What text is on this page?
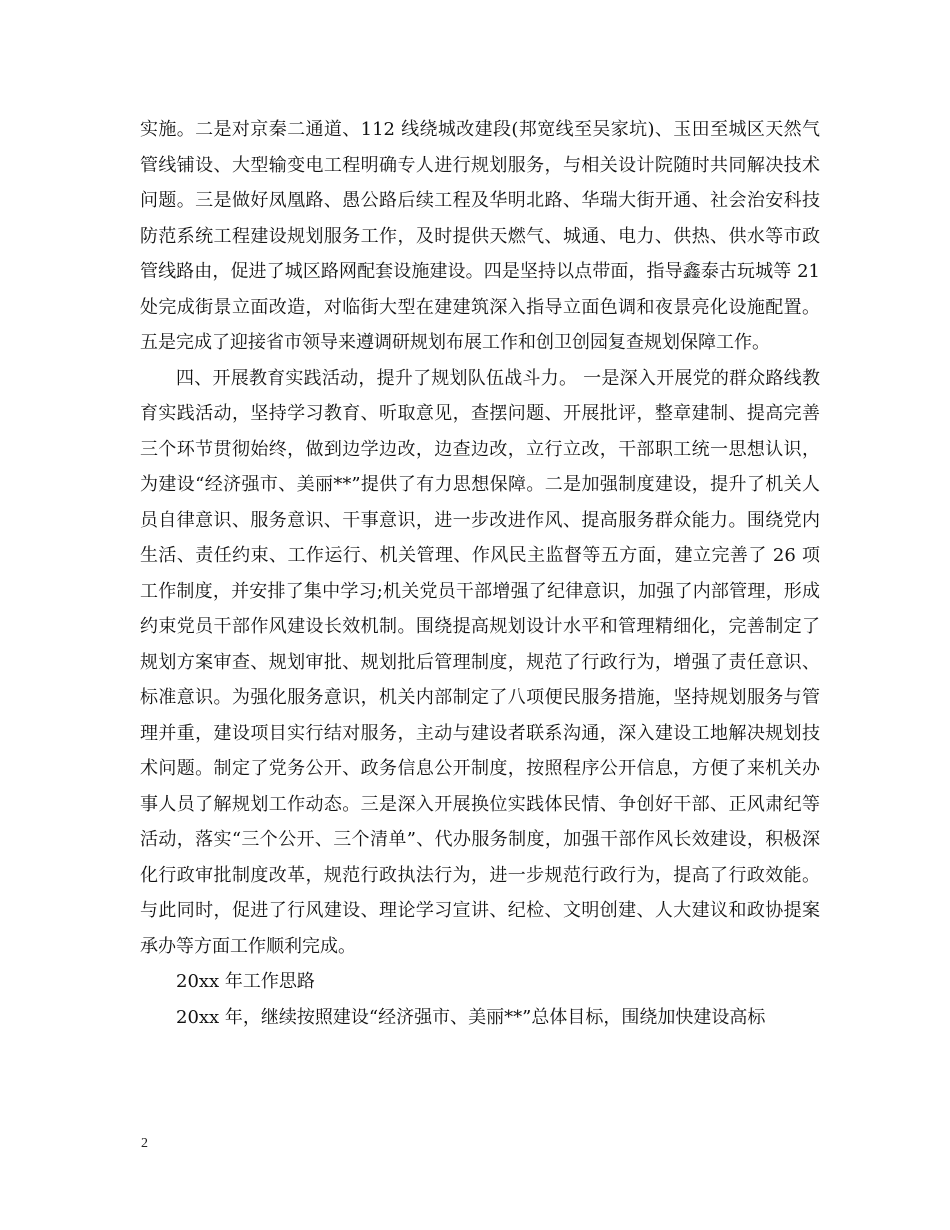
实施。二是对京秦二通道、112 线绕城改建段(邦宽线至吴家坑)、玉田至城区天然气管线铺设、大型输变电工程明确专人进行规划服务，与相关设计院随时共同解决技术问题。三是做好凤凰路、愚公路后续工程及华明北路、华瑞大街开通、社会治安科技防范系统工程建设规划服务工作，及时提供天燃气、城通、电力、供热、供水等市政管线路由，促进了城区路网配套设施建设。四是坚持以点带面，指导鑫泰古玩城等 21 处完成街景立面改造，对临街大型在建建筑深入指导立面色调和夜景亮化设施配置。五是完成了迎接省市领导来遵调研规划布展工作和创卫创园复查规划保障工作。

四、开展教育实践活动，提升了规划队伍战斗力。 一是深入开展党的群众路线教育实践活动，坚持学习教育、听取意见，查摆问题、开展批评，整章建制、提高完善三个环节贯彻始终，做到边学边改，边查边改，立行立改，干部职工统一思想认识，为建设“经济强市、美丽**”提供了有力思想保障。二是加强制度建设，提升了机关人员自律意识、服务意识、干事意识，进一步改进作风、提高服务群众能力。围绕党内生活、责任约束、工作运行、机关管理、作风民主监督等五方面，建立完善了 26 项工作制度，并安排了集中学习;机关党员干部增强了纪律意识，加强了内部管理，形成约束党员干部作风建设长效机制。围绕提高规划设计水平和管理精细化，完善制定了规划方案审查、规划审批、规划批后管理制度，规范了行政行为，增强了责任意识、标准意识。为强化服务意识，机关内部制定了八项便民服务措施，坚持规划服务与管理并重，建设项目实行结对服务，主动与建设者联系沟通，深入建设工地解决规划技术问题。制定了党务公开、政务信息公开制度，按照程序公开信息，方便了来机关办事人员了解规划工作动态。三是深入开展换位实践体民情、争创好干部、正风肃纪等活动，落实“三个公开、三个清单”、代办服务制度，加强干部作风长效建设，积极深化行政审批制度改革，规范行政执法行为，进一步规范行政行为，提高了行政效能。与此同时，促进了行风建设、理论学习宣讲、纪检、文明创建、人大建议和政协提案承办等方面工作顺利完成。

20xx 年工作思路

20xx 年，继续按照建设“经济强市、美丽**”总体目标，围绕加快建设高标

2
